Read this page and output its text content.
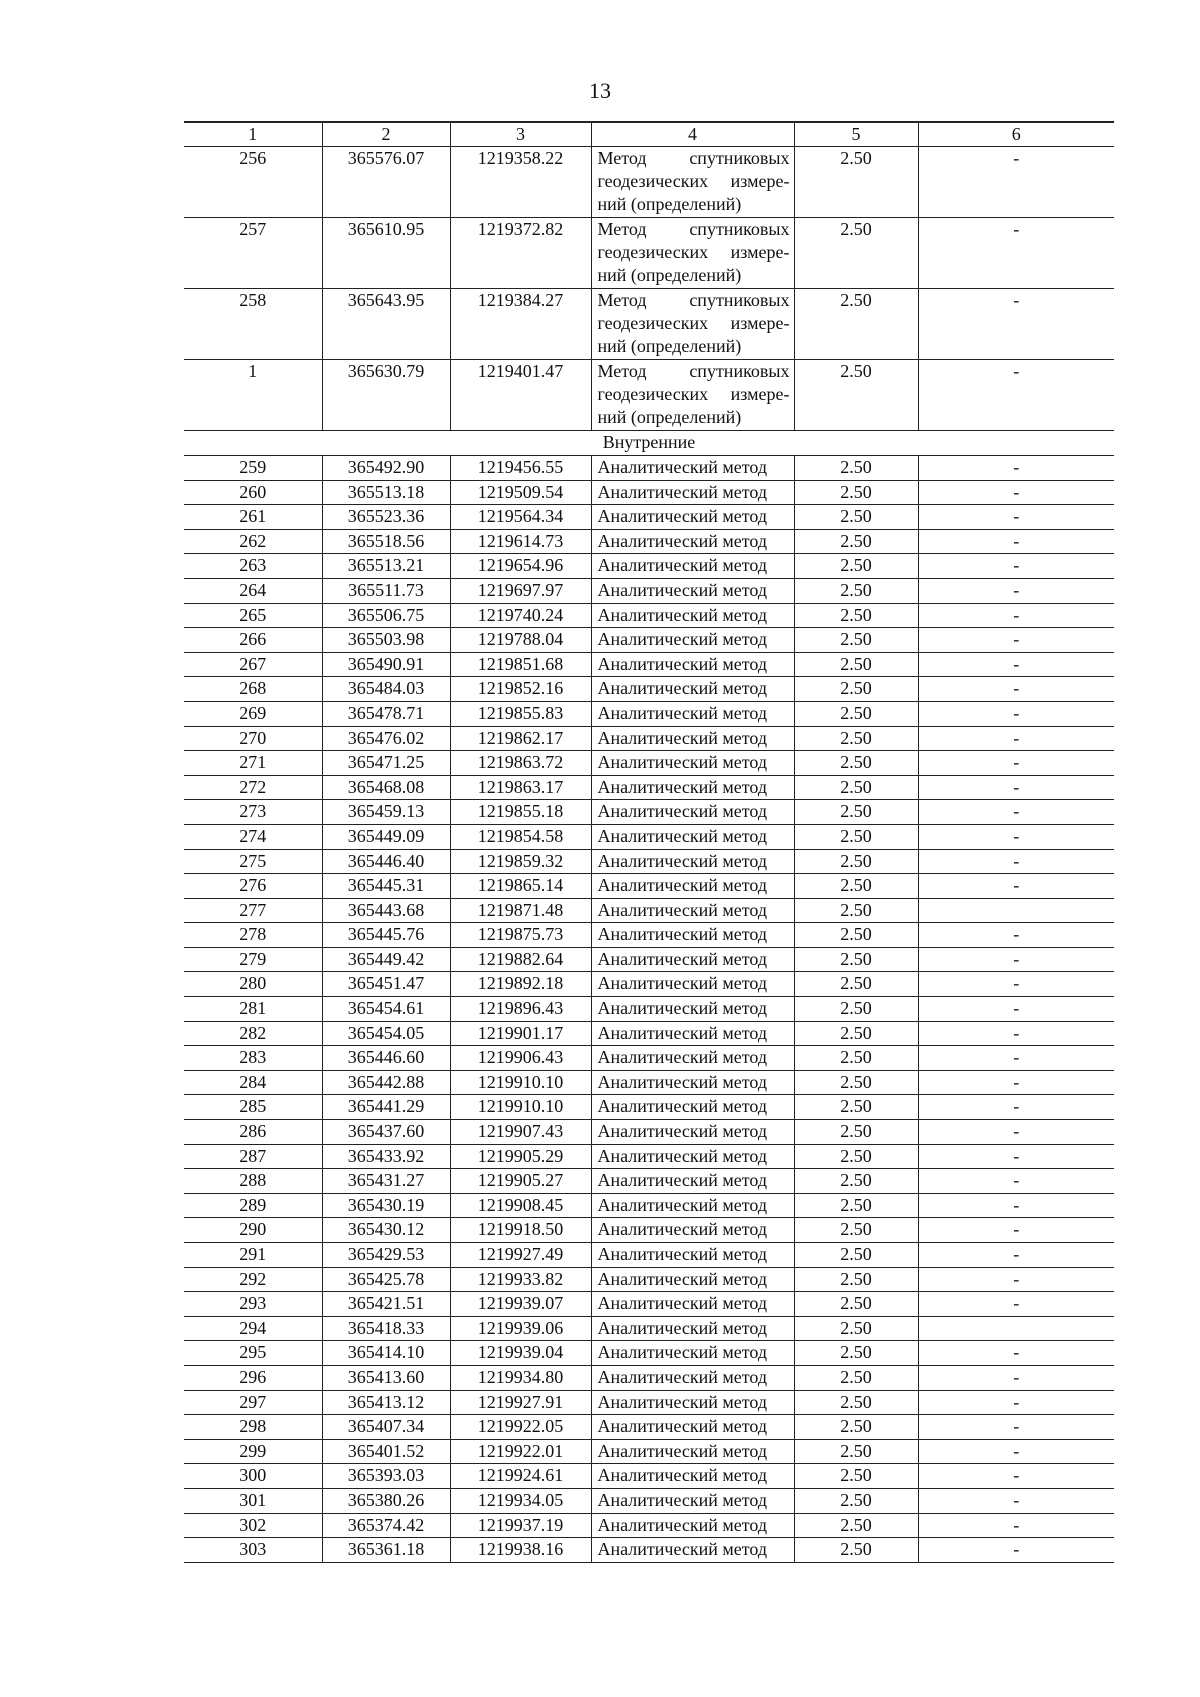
13
1	2	3	4	5	6
256	365576.07	1219358.22	Метод спутниковых геодезических измере-ний (определений)	2.50	-
257	365610.95	1219372.82	Метод спутниковых геодезических измере-ний (определений)	2.50	-
258	365643.95	1219384.27	Метод спутниковых геодезических измере-ний (определений)	2.50	-
1	365630.79	1219401.47	Метод спутниковых геодезических измере-ний (определений)	2.50	-
Внутренние					
259	365492.90	1219456.55	Аналитический метод	2.50	-
260	365513.18	1219509.54	Аналитический метод	2.50	-
261	365523.36	1219564.34	Аналитический метод	2.50	-
262	365518.56	1219614.73	Аналитический метод	2.50	-
263	365513.21	1219654.96	Аналитический метод	2.50	-
264	365511.73	1219697.97	Аналитический метод	2.50	-
265	365506.75	1219740.24	Аналитический метод	2.50	-
266	365503.98	1219788.04	Аналитический метод	2.50	-
267	365490.91	1219851.68	Аналитический метод	2.50	-
268	365484.03	1219852.16	Аналитический метод	2.50	-
269	365478.71	1219855.83	Аналитический метод	2.50	-
270	365476.02	1219862.17	Аналитический метод	2.50	-
271	365471.25	1219863.72	Аналитический метод	2.50	-
272	365468.08	1219863.17	Аналитический метод	2.50	-
273	365459.13	1219855.18	Аналитический метод	2.50	-
274	365449.09	1219854.58	Аналитический метод	2.50	-
275	365446.40	1219859.32	Аналитический метод	2.50	-
276	365445.31	1219865.14	Аналитический метод	2.50	-
277	365443.68	1219871.48	Аналитический метод	2.50	
278	365445.76	1219875.73	Аналитический метод	2.50	-
279	365449.42	1219882.64	Аналитический метод	2.50	-
280	365451.47	1219892.18	Аналитический метод	2.50	-
281	365454.61	1219896.43	Аналитический метод	2.50	-
282	365454.05	1219901.17	Аналитический метод	2.50	-
283	365446.60	1219906.43	Аналитический метод	2.50	-
284	365442.88	1219910.10	Аналитический метод	2.50	-
285	365441.29	1219910.10	Аналитический метод	2.50	-
286	365437.60	1219907.43	Аналитический метод	2.50	-
287	365433.92	1219905.29	Аналитический метод	2.50	-
288	365431.27	1219905.27	Аналитический метод	2.50	-
289	365430.19	1219908.45	Аналитический метод	2.50	-
290	365430.12	1219918.50	Аналитический метод	2.50	-
291	365429.53	1219927.49	Аналитический метод	2.50	-
292	365425.78	1219933.82	Аналитический метод	2.50	-
293	365421.51	1219939.07	Аналитический метод	2.50	-
294	365418.33	1219939.06	Аналитический метод	2.50	
295	365414.10	1219939.04	Аналитический метод	2.50	-
296	365413.60	1219934.80	Аналитический метод	2.50	-
297	365413.12	1219927.91	Аналитический метод	2.50	-
298	365407.34	1219922.05	Аналитический метод	2.50	-
299	365401.52	1219922.01	Аналитический метод	2.50	-
300	365393.03	1219924.61	Аналитический метод	2.50	-
301	365380.26	1219934.05	Аналитический метод	2.50	-
302	365374.42	1219937.19	Аналитический метод	2.50	-
303	365361.18	1219938.16	Аналитический метод	2.50	-
